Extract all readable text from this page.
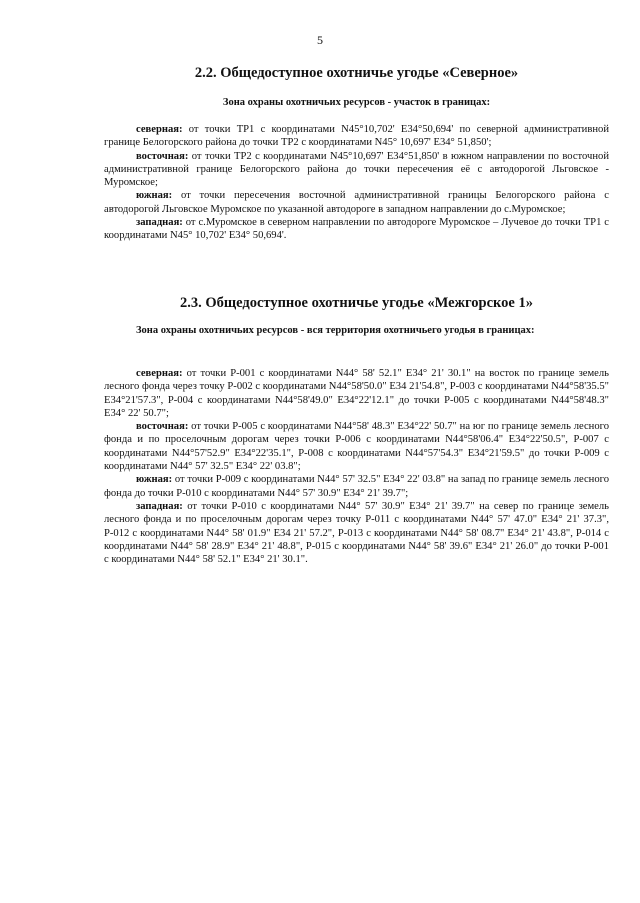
5
2.2. Общедоступное охотничье угодье «Северное»
Зона охраны охотничьих ресурсов - участок в границах:

северная: от точки ТР1 с координатами N45°10,702' E34°50,694' по северной административной границе Белогорского района до точки ТР2 с координатами N45° 10,697' E34° 51,850';

восточная: от точки ТР2 с координатами N45°10,697' E34°51,850' в южном направлении по восточной административной границе Белогорского района до точки пересечения её с автодорогой Льговское - Муромское;

южная: от точки пересечения восточной административной границы Белогорского района с автодорогой Льговское Муромское по указанной автодороге в западном направлении до с.Муромское;

западная: от с.Муромское в северном направлении по автодороге Муромское – Лучевое до точки ТР1 с координатами N45° 10,702' E34° 50,694'.

2.3. Общедоступное охотничье угодье «Межгорское 1»
Зона охраны охотничьих ресурсов - вся территория охотничьего угодья в границах:

северная: от точки Р-001 с координатами N44° 58' 52.1" E34° 21' 30.1" на восток по границе земель лесного фонда через точку Р-002 с координатами N44°58'50.0" E34 21'54.8", Р-003 с координатами N44°58'35.5" E34°21'57.3", Р-004 с координатами N44°58'49.0" E34°22'12.1" до точки Р-005 с координатами N44°58'48.3" E34° 22' 50.7";

восточная: от точки Р-005 с координатами N44°58' 48.3" E34°22' 50.7" на юг по границе земель лесного фонда и по проселочным дорогам через точки Р-006 с координатами N44°58'06.4" E34°22'50.5", Р-007 с координатами N44°57'52.9" E34°22'35.1", Р-008 с координатами N44°57'54.3" E34°21'59.5" до точки Р-009 с координатами N44° 57' 32.5" E34° 22' 03.8";

южная: от точки Р-009 с координатами N44° 57' 32.5" E34° 22' 03.8" на запад по границе земель лесного фонда до точки Р-010 с координатами N44° 57' 30.9" E34° 21' 39.7";

западная: от точки Р-010 с координатами N44° 57' 30.9" E34° 21' 39.7" на север по границе земель лесного фонда и по проселочным дорогам через точку Р-011 с координатами N44° 57' 47.0" E34° 21' 37.3", Р-012 с координатами N44° 58' 01.9" E34 21' 57.2", Р-013 с координатами N44° 58' 08.7" E34° 21' 43.8", Р-014 с координатами N44° 58' 28.9" E34° 21' 48.8", Р-015 с координатами N44° 58' 39.6" E34° 21' 26.0" до точки Р-001 с координатами N44° 58' 52.1" E34° 21' 30.1".
